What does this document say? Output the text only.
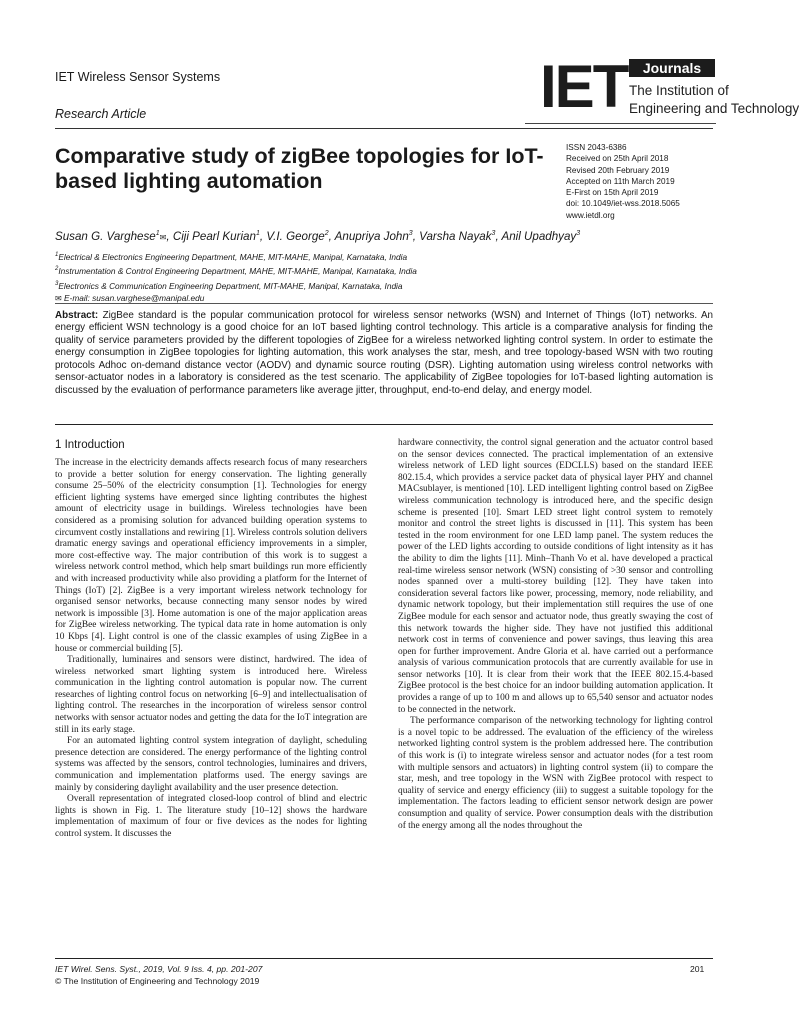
IET Wireless Sensor Systems
Research Article	IET	Journals
The Institution of
Engineering and Technology
Comparative study of zigBee topologies for IoT-based lighting automation
ISSN 2043-6386
Received on 25th April 2018
Revised 20th February 2019
Accepted on 11th March 2019
E-First on 15th April 2019
doi: 10.1049/iet-wss.2018.5065
www.ietdl.org
Susan G. Varghese$^1$✉, Ciji Pearl Kurian$^1$, V.I. George$^2$, Anupriya John$^3$, Varsha Nayak$^3$, Anil Upadhyay$^3$
$^1$Electrical & Electronics Engineering Department, MAHE, MIT-MAHE, Manipal, Karnataka, India
$^2$Instrumentation & Control Engineering Department, MAHE, MIT-MAHE, Manipal, Karnataka, India
$^3$Electronics & Communication Engineering Department, MIT-MAHE, Manipal, Karnataka, India
✉ E-mail: susan.varghese@manipal.edu
Abstract: ZigBee standard is the popular communication protocol for wireless sensor networks (WSN) and Internet of Things (IoT) networks. An energy efficient WSN technology is a good choice for an IoT based lighting control technology. This article is a comparative analysis for finding the quality of service parameters provided by the different topologies of ZigBee for a wireless networked lighting control system. In order to estimate the energy consumption in ZigBee topologies for lighting automation, this work analyses the star, mesh, and tree topology-based WSN with two routing protocols Adhoc on-demand distance vector (AODV) and dynamic source routing (DSR). Lighting automation using wireless control networks with sensor-actuator nodes in a laboratory is considered as the test scenario. The applicability of ZigBee topologies for IoT-based lighting automation is discussed by the evaluation of performance parameters like average jitter, throughput, end-to-end delay, and energy model.
1 Introduction

The increase in the electricity demands affects research focus of many researchers to provide a better solution for energy conservation. The lighting generally consume 25–50% of the electricity consumption [1]. Technologies for energy efficient lighting systems have emerged since lighting contributes the highest amount of electricity usage in buildings. Wireless technologies have been considered as a promising solution for advanced building operation systems to circumvent costly installations and rewiring [1]. Wireless controls solution delivers dramatic energy savings and operational efficiency improvements in a simpler, more cost-effective way. The major contribution of this work is to suggest a wireless network control method, which help smart buildings run more efficiently and with increased productivity while also providing a platform for the Internet of Things (IoT) [2]. ZigBee is a very important wireless network technology for organised sensor networks, because connecting many sensor nodes by wired network is impossible [3]. Home automation is one of the major application areas for ZigBee wireless networking. The typical data rate in home automation is only 10 Kbps [4]. Light control is one of the classic examples of using ZigBee in a house or commercial building [5].

Traditionally, luminaires and sensors were distinct, hardwired. The idea of wireless networked smart lighting system is introduced here. Wireless communication in the lighting control automation is popular now. The current researches of lighting control focus on networking [6–9] and intellectualisation of lighting control. The researches in the incorporation of wireless sensor control networks with sensor actuator nodes and getting the data for the IoT integration are still in its early stage.

For an automated lighting control system integration of daylight, scheduling presence detection are considered. The energy performance of the lighting control systems was affected by the sensors, control technologies, luminaires and drivers, communication and implementation platforms used. The energy savings are mainly by considering daylight availability and the user presence detection.

Overall representation of integrated closed-loop control of blind and electric lights is shown in Fig. 1. The literature study [10–12] shows the hardware implementation of maximum of four or five devices as the nodes for lighting control system. It discusses the

hardware connectivity, the control signal generation and the actuator control based on the sensor devices connected. The practical implementation of an extensive wireless network of LED light sources (EDCLLS) based on the standard IEEE 802.15.4, which provides a service packet data of physical layer PHY and channel MACsublayer, is mentioned [10]. LED intelligent lighting control based on ZigBee wireless communication technology is introduced here, and the specific design scheme is presented [10]. Smart LED street light control system to remotely monitor and control the street lights is discussed in [11]. This system has been tested in the room environment for one LED lamp panel. The system reduces the power of the LED lights according to outside conditions of light intensity as it has the ability to dim the lights [11]. Minh–Thanh Vo et al. have developed a practical real-time wireless sensor network (WSN) consisting of >30 sensor and controlling nodes spanned over a multi-storey building [12]. They have taken into consideration several factors like power, processing, memory, node reliability, and dynamic network topology, but their implementation still requires the use of one ZigBee module for each sensor and actuator node, thus greatly swaying the cost of this network towards the higher side. They have not justified this additional network cost in terms of convenience and power savings, thus leaving this area open for further improvement. Andre Gloria et al. have carried out a performance analysis of various communication protocols that are currently available for use in sensor networks [10]. It is clear from their work that the IEEE 802.15.4-based ZigBee protocol is the best choice for an indoor building automation application. It provides a range of up to 100 m and allows up to 65,540 sensor and actuator nodes to be connected in the network.

The performance comparison of the networking technology for lighting control is a novel topic to be addressed. The evaluation of the efficiency of the wireless networked lighting control system is the problem addressed here. The contribution of this work is (i) to integrate wireless sensor and actuator nodes (for a test room with multiple sensors and actuators) in lighting control system (ii) to compare the star, mesh, and tree topology in the WSN with ZigBee protocol with respect to quality of service and energy efficiency (iii) to suggest a suitable topology for the implementation. The factors leading to efficient sensor network design are power consumption and quality of service. Power consumption deals with the distribution of the energy among all the nodes throughout the

IET Wirel. Sens. Syst., 2019, Vol. 9 Iss. 4, pp. 201-207
© The Institution of Engineering and Technology 2019
201
